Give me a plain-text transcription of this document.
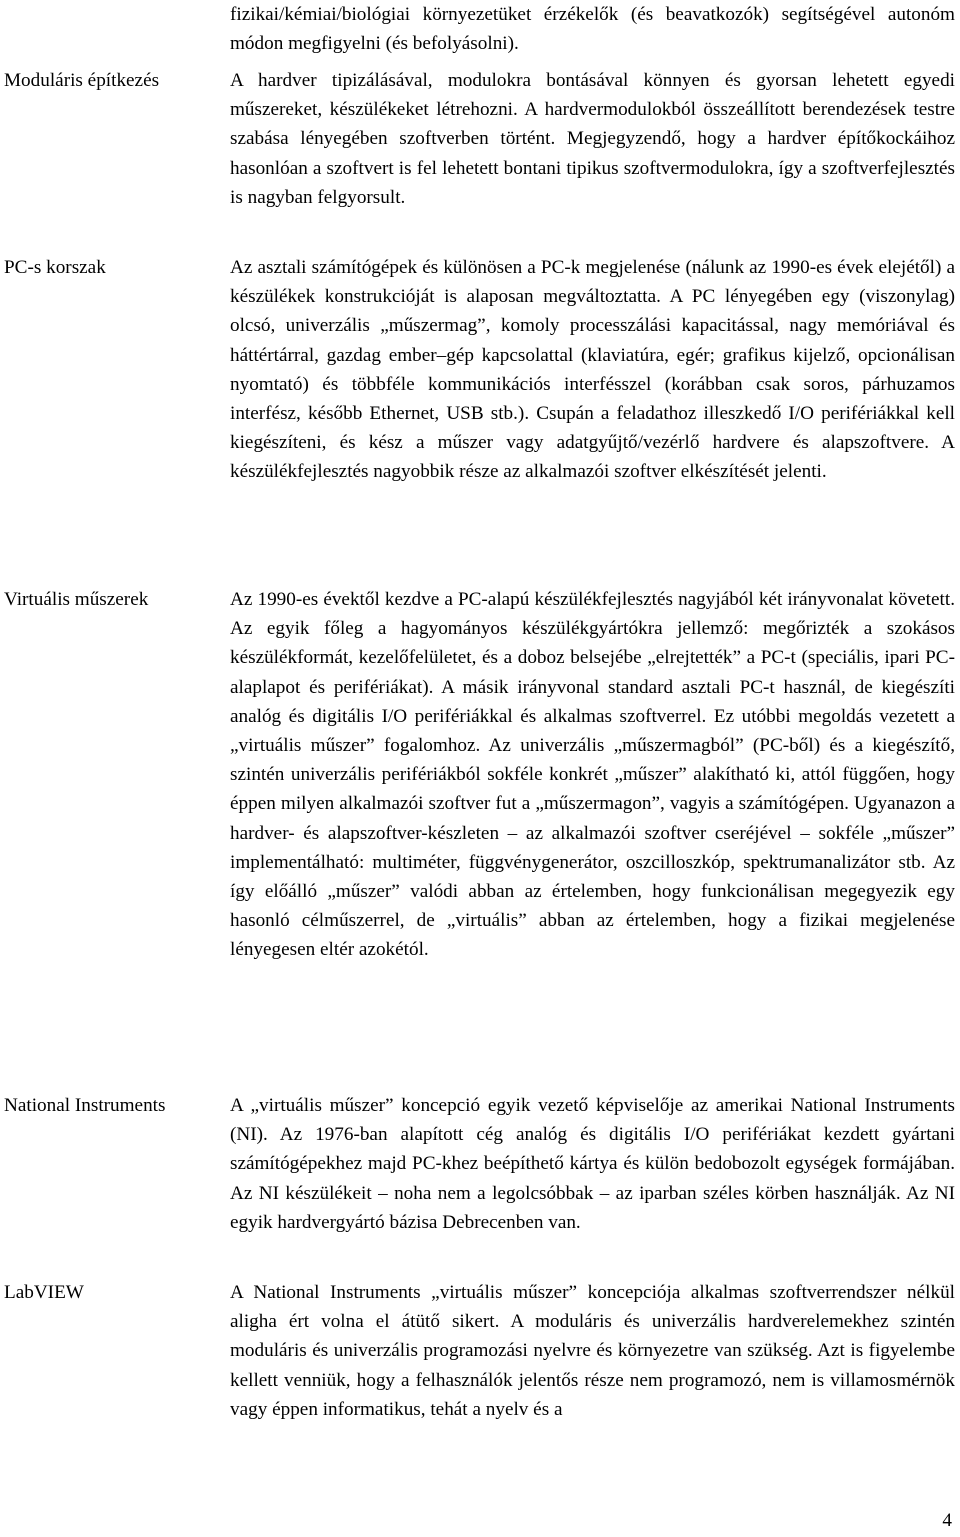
fizikai/kémiai/biológiai környezetüket érzékelők (és beavatkozók) segítségével autonóm módon megfigyelni (és befolyásolni).

Moduláris építkezés	A hardver tipizálásával, modulokra bontásával könnyen és gyorsan lehetett egyedi műszereket, készülékeket létrehozni. A hardvermodulokból összeállított berendezések testre szabása lényegében szoftverben történt. Megjegyzendő, hogy a hardver építőkockáihoz hasonlóan a szoftvert is fel lehetett bontani tipikus szoftvermodulokra, így a szoftverfejlesztés is nagyban felgyorsult.

PC-s korszak	Az asztali számítógépek és különösen a PC-k megjelenése (nálunk az 1990-es évek elejétől) a készülékek konstrukcióját is alaposan megváltoztatta. A PC lényegében egy (viszonylag) olcsó, univerzális „műszermag”, komoly processzálási kapacitással, nagy memóriával és háttértárral, gazdag ember–gép kapcsolattal (klaviatúra, egér; grafikus kijelző, opcionálisan nyomtató) és többféle kommunikációs interfésszel (korábban csak soros, párhuzamos interfész, később Ethernet, USB stb.). Csupán a feladathoz illeszkedő I/O perifériákkal kell kiegészíteni, és kész a műszer vagy adatgyűjtő/vezérlő hardvere és alapszoftvere. A készülékfejlesztés nagyobbik része az alkalmazói szoftver elkészítését jelenti.

Virtuális műszerek	Az 1990-es évektől kezdve a PC-alapú készülékfejlesztés nagyjából két irányvonalat követett. Az egyik főleg a hagyományos készülékgyártókra jellemző: megőrizték a szokásos készülékformát, kezelőfelületet, és a doboz belsejébe „elrejtették” a PC-t (speciális, ipari PC-alaplapot és perifériákat). A másik irányvonal standard asztali PC-t használ, de kiegészíti analóg és digitális I/O perifériákkal és alkalmas szoftverrel. Ez utóbbi megoldás vezetett a „virtuális műszer” fogalomhoz. Az univerzális „műszermagból” (PC-ből) és a kiegészítő, szintén univerzális perifériákból sokféle konkrét „műszer” alakítható ki, attól függően, hogy éppen milyen alkalmazói szoftver fut a „műszermagon”, vagyis a számítógépen. Ugyanazon a hardver- és alapszoftver-készleten – az alkalmazói szoftver cseréjével – sokféle „műszer” implementálható: multiméter, függvénygenerátor, oszcilloszkóp, spektrumanalizátor stb. Az így előálló „műszer” valódi abban az értelemben, hogy funkcionálisan megegyezik egy hasonló célműszerrel, de „virtuális” abban az értelemben, hogy a fizikai megjelenése lényegesen eltér azokétól.

National Instruments	A „virtuális műszer” koncepció egyik vezető képviselője az amerikai National Instruments (NI). Az 1976-ban alapított cég analóg és digitális I/O perifériákat kezdett gyártani számítógépekhez majd PC-khez beépíthető kártya és külön bedobozolt egységek formájában. Az NI készülékeit – noha nem a legolcsóbbak – az iparban széles körben használják. Az NI egyik hardvergyártó bázisa Debrecenben van.

LabVIEW	A National Instruments „virtuális műszer” koncepciója alkalmas szoftverrendszer nélkül aligha ért volna el átütő sikert. A moduláris és univerzális hardverelemekhez szintén moduláris és univerzális programozási nyelvre és környezetre van szükség. Azt is figyelembe kellett venniük, hogy a felhasználók jelentős része nem programozó, nem is villamosmérnök vagy éppen informatikus, tehát a nyelv és a

4
